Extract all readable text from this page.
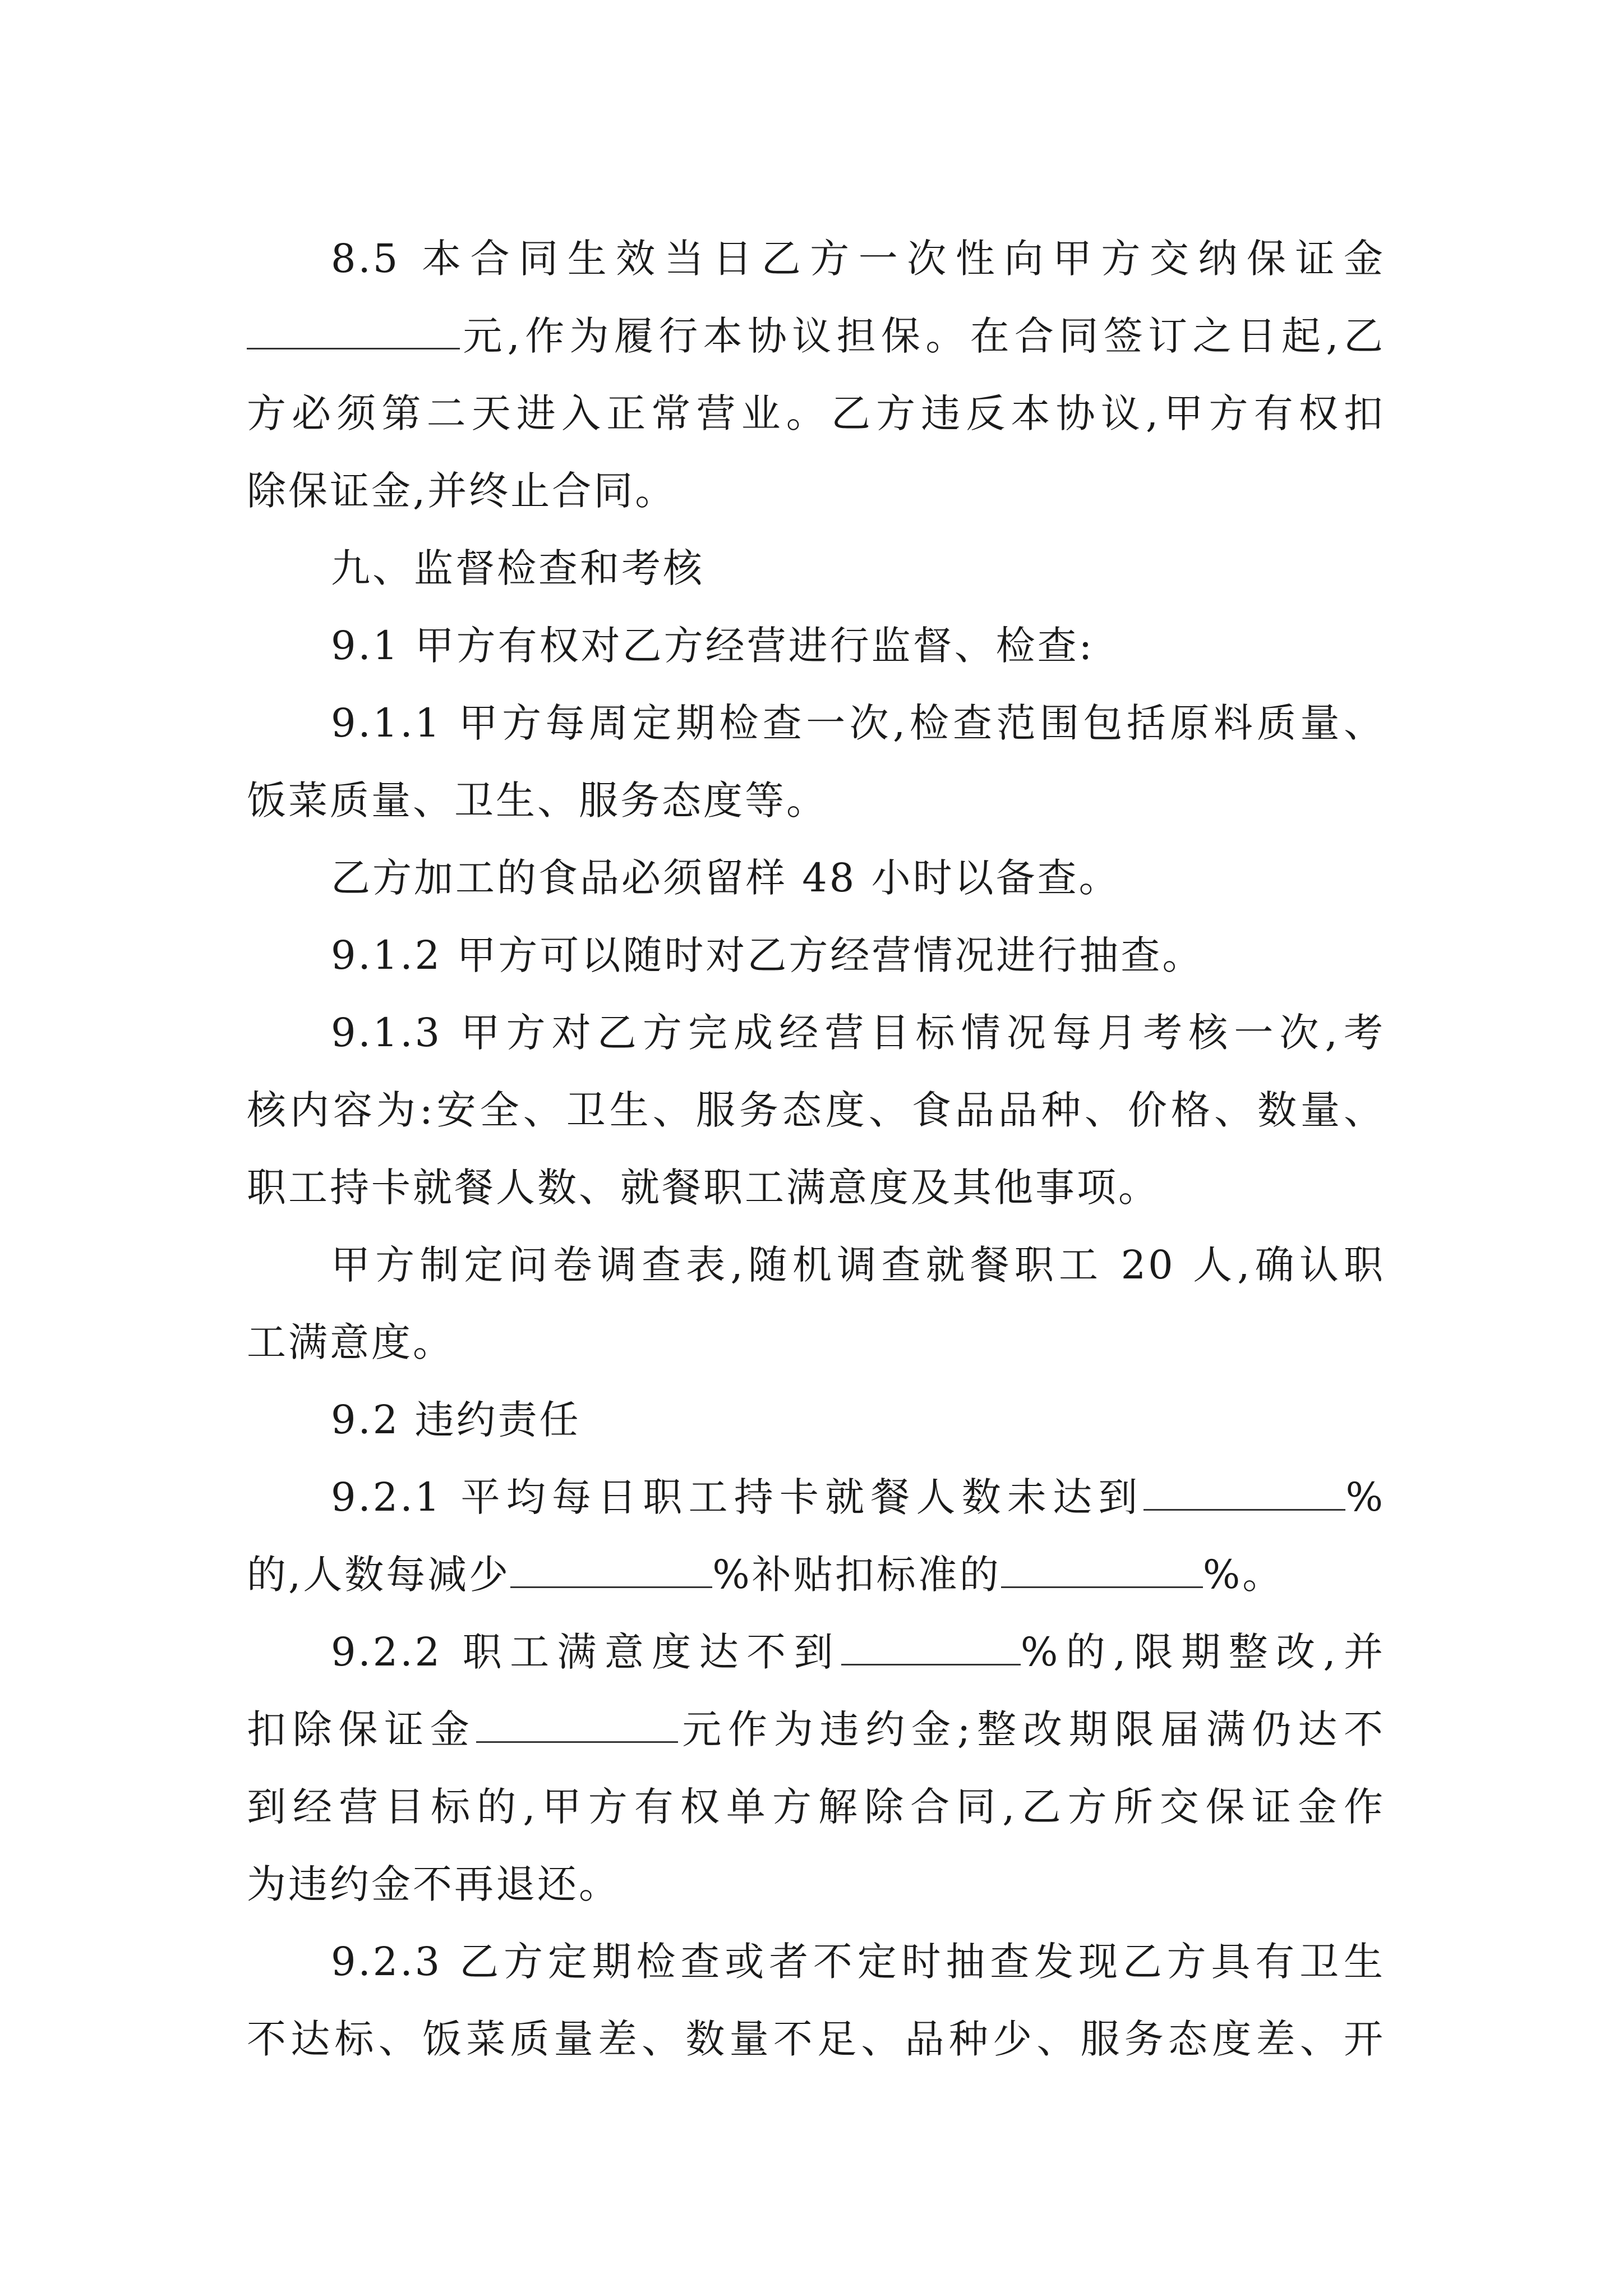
8.5 本合同生效当日乙方一次性向甲方交纳保证金
元,作为履行本协议担保。在合同签订之日起,乙
方必须第二天进入正常营业。乙方违反本协议,甲方有权扣
除保证金,并终止合同。
九、监督检查和考核
9.1 甲方有权对乙方经营进行监督、检查:
9.1.1 甲方每周定期检查一次,检查范围包括原料质量、
饭菜质量、卫生、服务态度等。
乙方加工的食品必须留样 48 小时以备查。
9.1.2 甲方可以随时对乙方经营情况进行抽查。
9.1.3 甲方对乙方完成经营目标情况每月考核一次,考
核内容为:安全、卫生、服务态度、食品品种、价格、数量、
职工持卡就餐人数、就餐职工满意度及其他事项。
甲方制定问卷调查表,随机调查就餐职工 20 人,确认职
工满意度。
9.2 违约责任
9.2.1 平均每日职工持卡就餐人数未达到	%
的,人数每减少	%补贴扣标准的	%。
9.2.2 职工满意度达不到	%的,限期整改,并
扣除保证金	元作为违约金;整改期限届满仍达不
到经营目标的,甲方有权单方解除合同,乙方所交保证金作
为违约金不再退还。
9.2.3 乙方定期检查或者不定时抽查发现乙方具有卫生
不达标、饭菜质量差、数量不足、品种少、服务态度差、开
